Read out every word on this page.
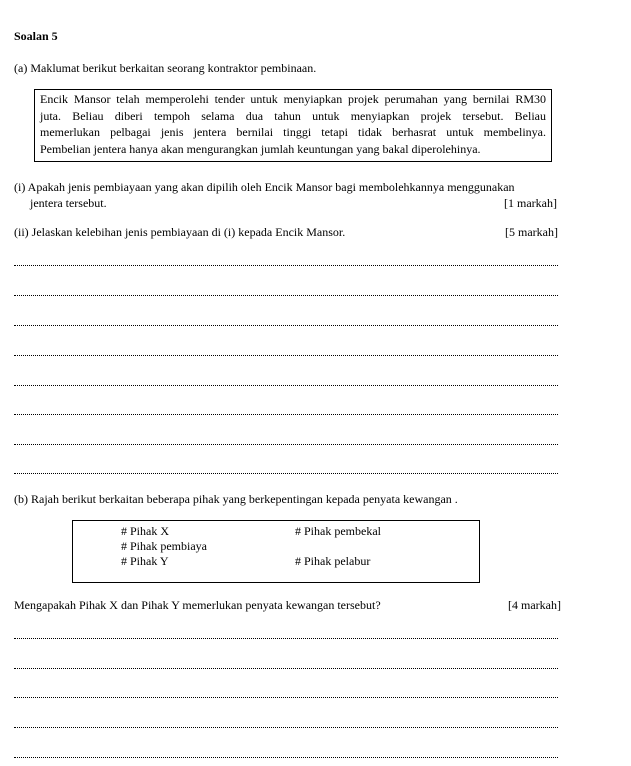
Soalan 5
(a) Maklumat berikut berkaitan seorang kontraktor pembinaan.
Encik Mansor telah memperolehi tender untuk menyiapkan projek perumahan yang bernilai RM30
juta. Beliau diberi tempoh selama dua tahun untuk menyiapkan projek tersebut. Beliau
memerlukan pelbagai jenis jentera bernilai tinggi tetapi tidak berhasrat untuk membelinya.
Pembelian jentera hanya akan mengurangkan jumlah keuntungan yang bakal diperolehinya.
(i) Apakah jenis pembiayaan yang akan dipilih oleh Encik Mansor bagi membolehkannya menggunakan
jentera tersebut.	[1 markah]
(ii) Jelaskan kelebihan jenis pembiayaan di (i) kepada Encik Mansor.	[5 markah]
(b) Rajah berikut berkaitan beberapa pihak yang berkepentingan kepada penyata kewangan .
# Pihak X
# Pihak pembiaya
# Pihak Y
# Pihak pembekal
# Pihak pelabur
Mengapakah Pihak X dan Pihak Y memerlukan penyata kewangan tersebut?	[4 markah]
